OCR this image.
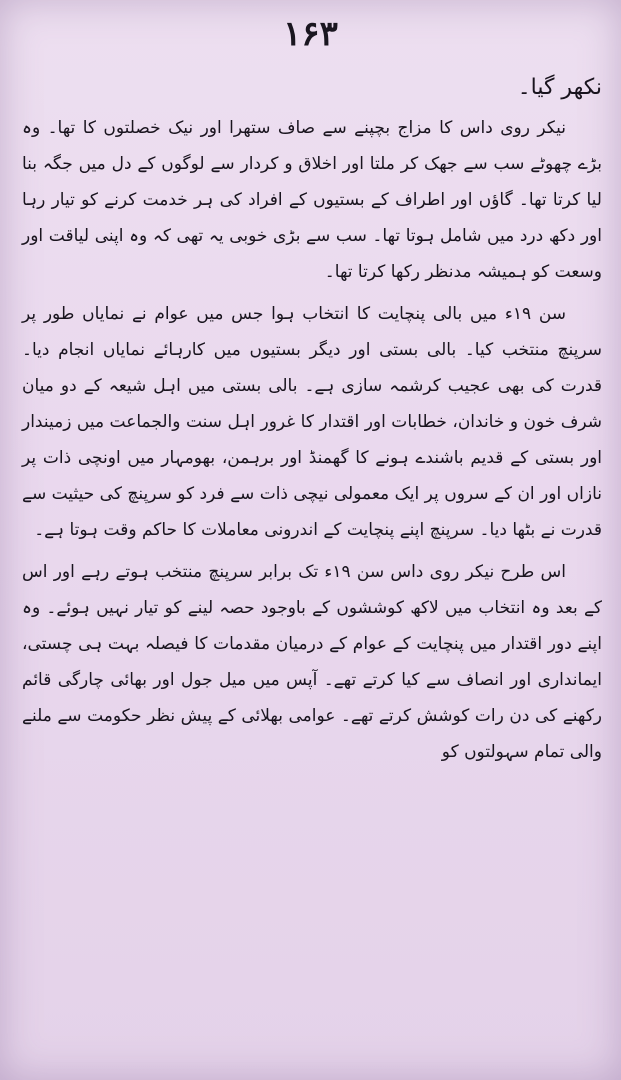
۱۶۳

نکھر گیا۔

نیکر روی داس کا مزاج بچپنے سے صاف ستھرا اور نیک خصلتوں کا تھا۔ وہ بڑے چھوٹے سب سے جھک کر ملتا اور اخلاق و کردار سے لوگوں کے دل میں جگہ بنا لیا کرتا تھا۔ گاؤں اور اطراف کے بستیوں کے افراد کی ہر خدمت کرنے کو تیار رہا اور دکھ درد میں شامل ہوتا تھا۔ سب سے بڑی خوبی یہ تھی کہ وہ اپنی لیاقت اور وسعت کو ہمیشہ مدنظر رکھا کرتا تھا۔

سن ۱۹ء میں بالی پنچایت کا انتخاب ہوا جس میں عوام نے نمایاں طور پر سرپنچ منتخب کیا۔ بالی بستی اور دیگر بستیوں میں کارہائے نمایاں انجام دیا۔ قدرت کی بھی عجیب کرشمہ سازی ہے۔ بالی بستی میں اہل شیعہ کے دو میان شرف خون و خاندان، خطابات اور اقتدار کا غرور اہل سنت والجماعت میں زمیندار اور بستی کے قدیم باشندے ہونے کا گھمنڈ اور برہمن، بھومہار میں اونچی ذات پر نازاں اور ان کے سروں پر ایک معمولی نیچی ذات سے فرد کو سرپنچ کی حیثیت سے قدرت نے بٹھا دیا۔ سرپنچ اپنے پنچایت کے اندرونی معاملات کا حاکم وقت ہوتا ہے۔

اس طرح نیکر روی داس سن ۱۹ء تک برابر سرپنچ منتخب ہوتے رہے اور اس کے بعد وہ انتخاب میں لاکھ کوششوں کے باوجود حصہ لینے کو تیار نہیں ہوئے۔ وہ اپنے دور اقتدار میں پنچایت کے عوام کے درمیان مقدمات کا فیصلہ بہت ہی چستی، ایمانداری اور انصاف سے کیا کرتے تھے۔ آپس میں میل جول اور بھائی چارگی قائم رکھنے کی دن رات کوشش کرتے تھے۔ عوامی بھلائی کے پیش نظر حکومت سے ملنے والی تمام سہولتوں کو
